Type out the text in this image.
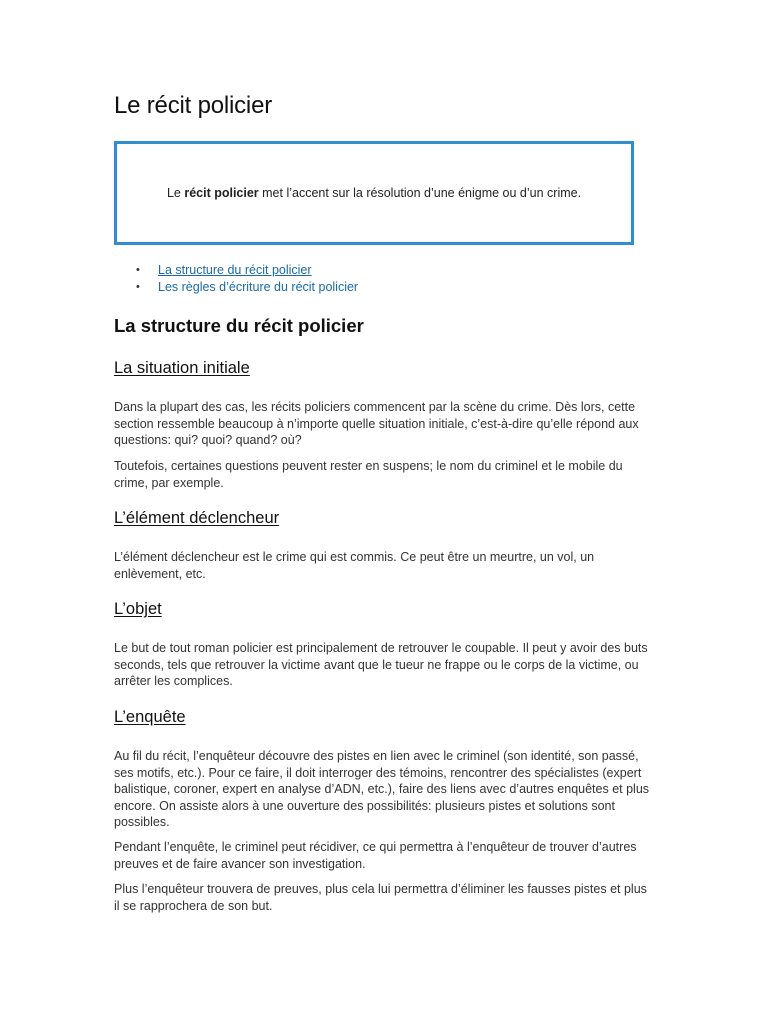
Le récit policier
Le récit policier met l’accent sur la résolution d’une énigme ou d’un crime.
• La structure du récit policier
• Les règles d’écriture du récit policier
La structure du récit policier
La situation initiale

Dans la plupart des cas, les récits policiers commencent par la scène du crime. Dès lors, cette section ressemble beaucoup à n’importe quelle situation initiale, c’est-à-dire qu’elle répond aux questions: qui? quoi? quand? où?

Toutefois, certaines questions peuvent rester en suspens; le nom du criminel et le mobile du crime, par exemple.

L’élément déclencheur

L’élément déclencheur est le crime qui est commis. Ce peut être un meurtre, un vol, un enlèvement, etc.

L’objet

Le but de tout roman policier est principalement de retrouver le coupable. Il peut y avoir des buts seconds, tels que retrouver la victime avant que le tueur ne frappe ou le corps de la victime, ou arrêter les complices.

L’enquête

Au fil du récit, l’enquêteur découvre des pistes en lien avec le criminel (son identité, son passé, ses motifs, etc.). Pour ce faire, il doit interroger des témoins, rencontrer des spécialistes (expert balistique, coroner, expert en analyse d’ADN, etc.), faire des liens avec d’autres enquêtes et plus encore. On assiste alors à une ouverture des possibilités: plusieurs pistes et solutions sont possibles.

Pendant l’enquête, le criminel peut récidiver, ce qui permettra à l’enquêteur de trouver d’autres preuves et de faire avancer son investigation.

Plus l’enquêteur trouvera de preuves, plus cela lui permettra d’éliminer les fausses pistes et plus il se rapprochera de son but.
